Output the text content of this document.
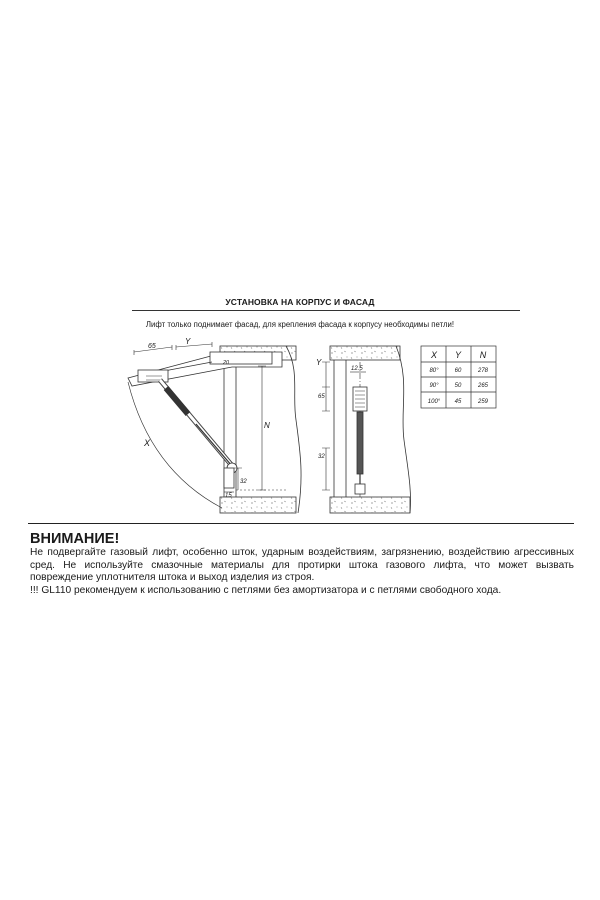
УСТАНОВКА НА КОРПУС И ФАСАД
Лифт только поднимает фасад, для крепления фасада к корпусу необходимы петли!
65
Y
20
X
N
32
15
Y
12.5
65
32
X Y N
80°	60	278
90°	50	265
100° 45	259
ВНИМАНИЕ!

Не подвергайте газовый лифт, особенно шток, ударным воздействиям, загрязнению, воздействию агрессивных сред. Не используйте смазочные материалы для протирки штока газового лифта, что может вызвать повреждение уплотнителя штока и выход изделия из строя.

!!! GL110 рекомендуем к использованию с петлями без амортизатора и с петлями свободного хода.
